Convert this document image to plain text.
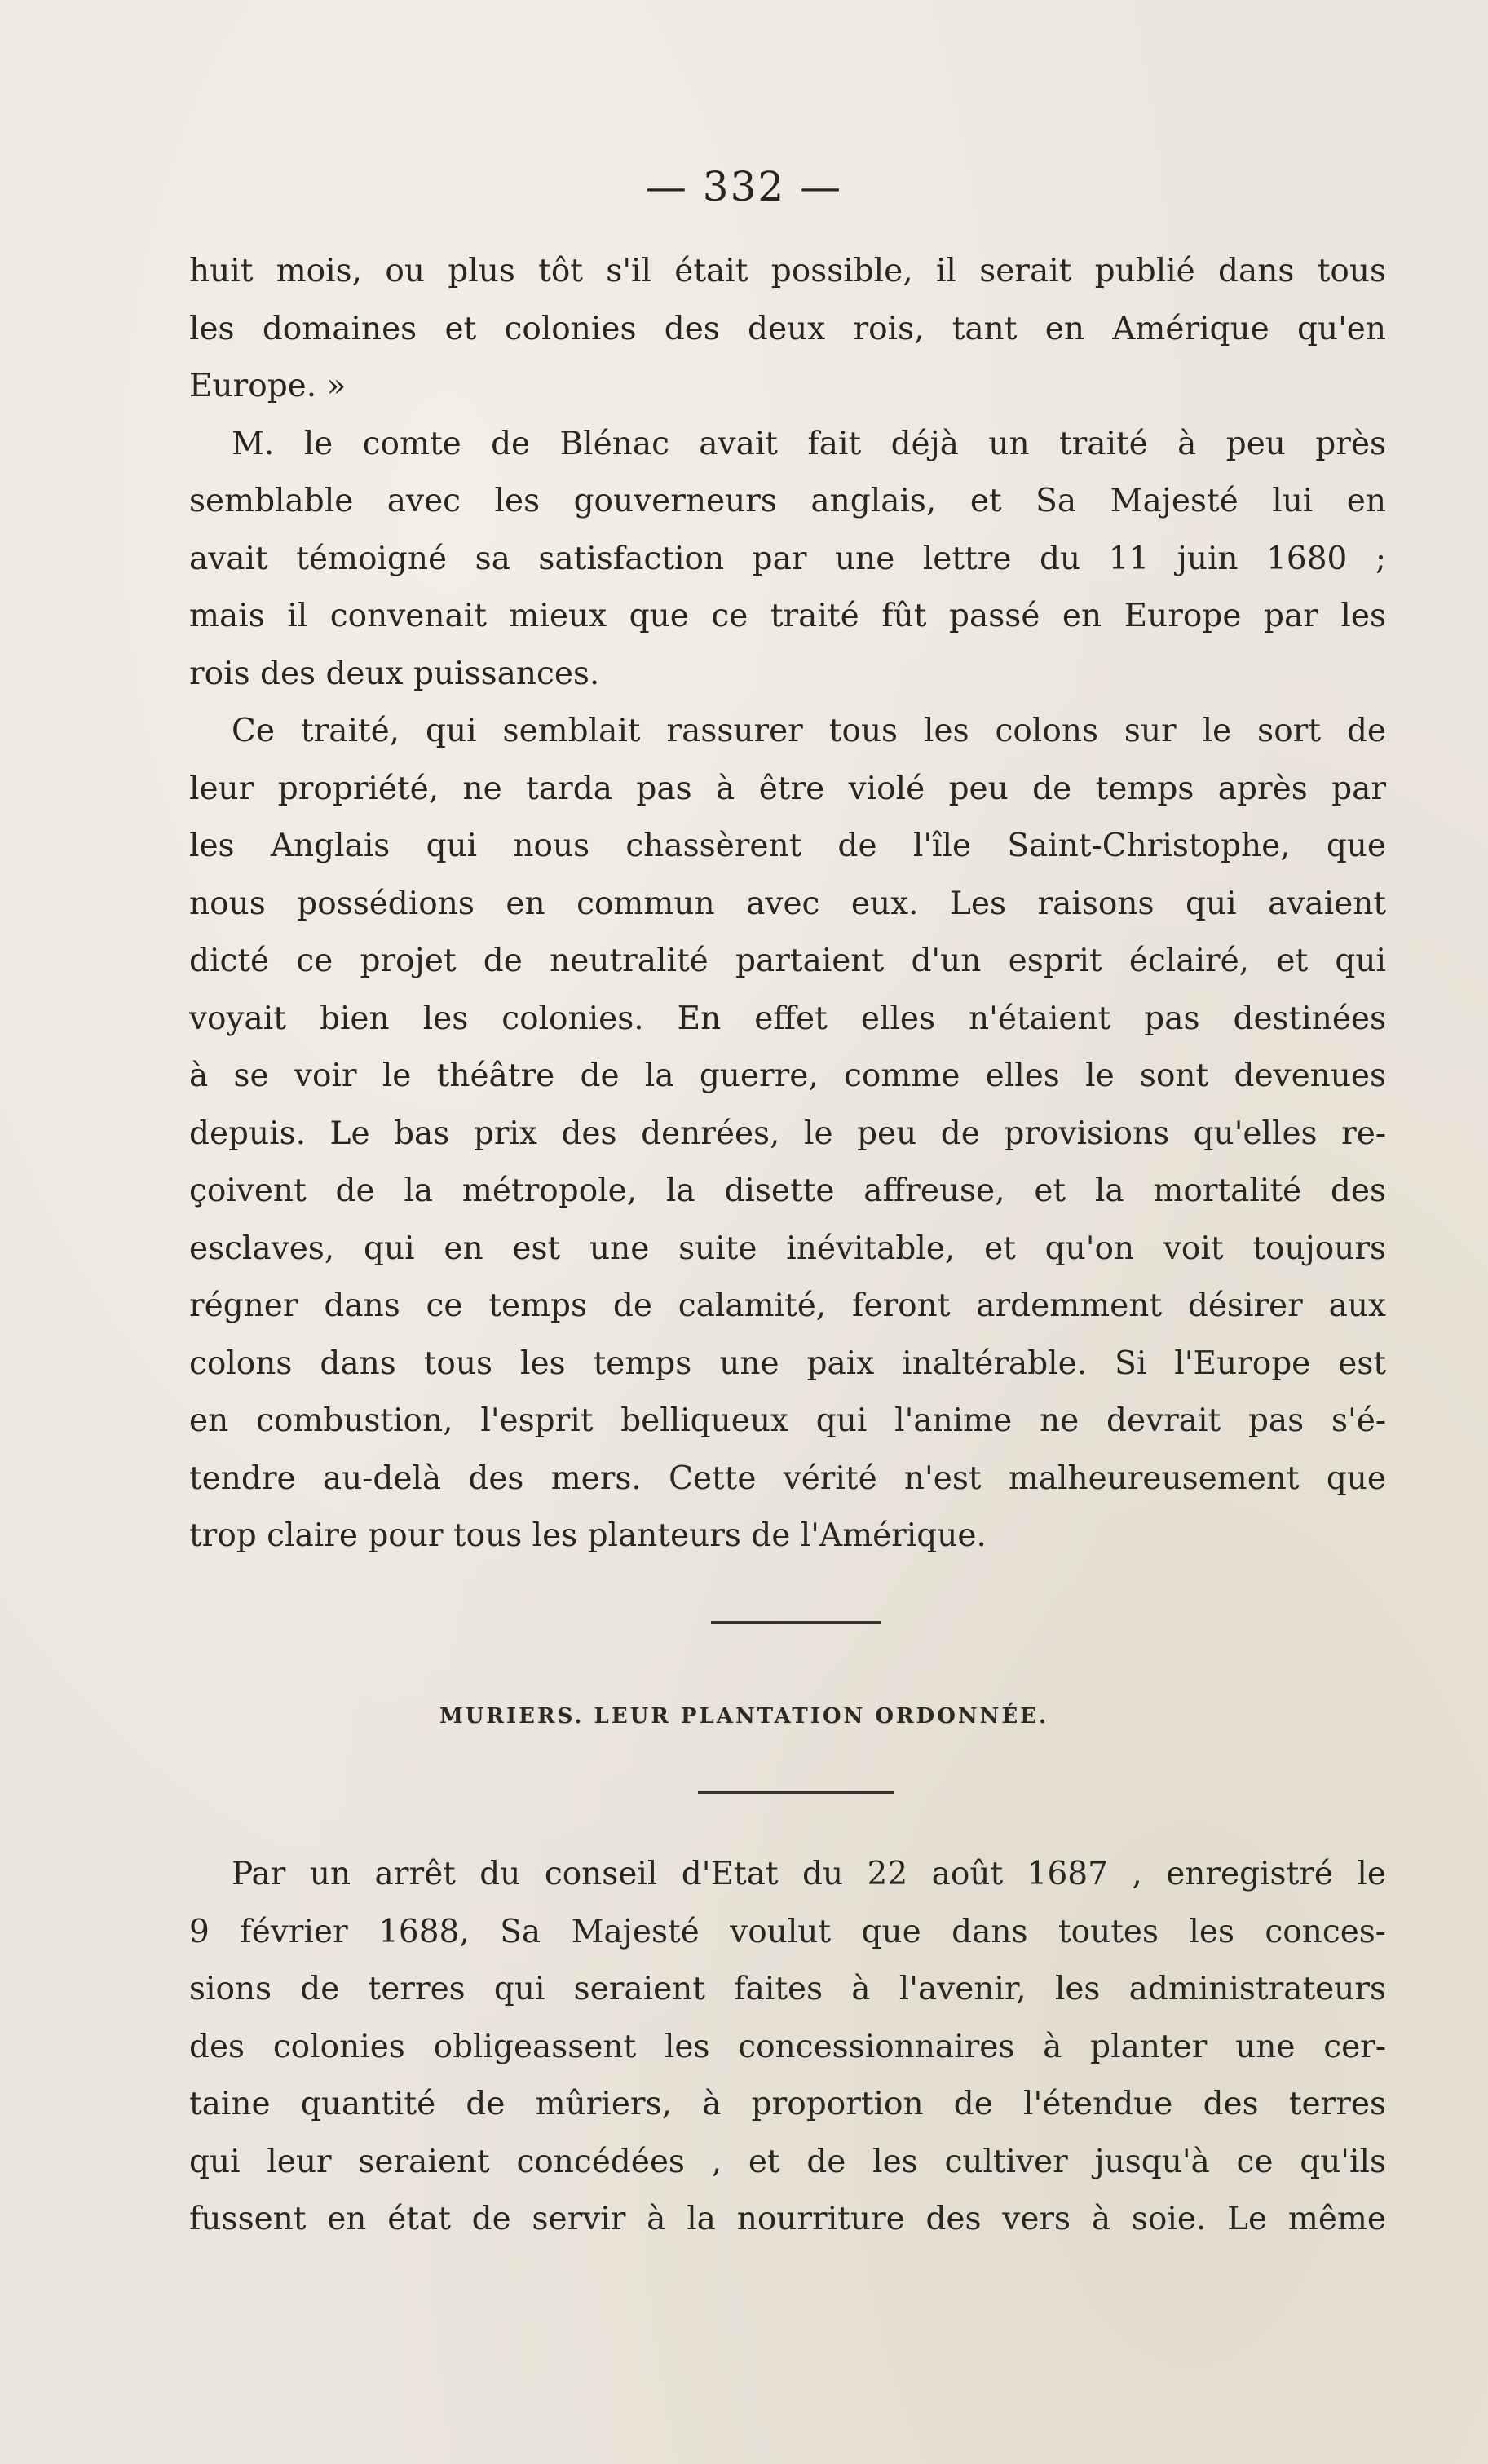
— 332 —
huit mois, ou plus tôt s'il était possible, il serait publié dans tous
les domaines et colonies des deux rois, tant en Amérique qu'en
Europe. »
M. le comte de Blénac avait fait déjà un traité à peu près
semblable avec les gouverneurs anglais, et Sa Majesté lui en
avait témoigné sa satisfaction par une lettre du 11 juin 1680 ;
mais il convenait mieux que ce traité fût passé en Europe par les
rois des deux puissances.
Ce traité, qui semblait rassurer tous les colons sur le sort de
leur propriété, ne tarda pas à être violé peu de temps après par
les Anglais qui nous chassèrent de l'île Saint-Christophe, que
nous possédions en commun avec eux. Les raisons qui avaient
dicté ce projet de neutralité partaient d'un esprit éclairé, et qui
voyait bien les colonies. En effet elles n'étaient pas destinées
à se voir le théâtre de la guerre, comme elles le sont devenues
depuis. Le bas prix des denrées, le peu de provisions qu'elles re-
çoivent de la métropole, la disette affreuse, et la mortalité des
esclaves, qui en est une suite inévitable, et qu'on voit toujours
régner dans ce temps de calamité, feront ardemment désirer aux
colons dans tous les temps une paix inaltérable. Si l'Europe est
en combustion, l'esprit belliqueux qui l'anime ne devrait pas s'é-
tendre au-delà des mers. Cette vérité n'est malheureusement que
trop claire pour tous les planteurs de l'Amérique.
MURIERS. LEUR PLANTATION ORDONNÉE.
Par un arrêt du conseil d'Etat du 22 août 1687 , enregistré le
9 février 1688, Sa Majesté voulut que dans toutes les conces-
sions de terres qui seraient faites à l'avenir, les administrateurs
des colonies obligeassent les concessionnaires à planter une cer-
taine quantité de mûriers, à proportion de l'étendue des terres
qui leur seraient concédées , et de les cultiver jusqu'à ce qu'ils
fussent en état de servir à la nourriture des vers à soie. Le même
